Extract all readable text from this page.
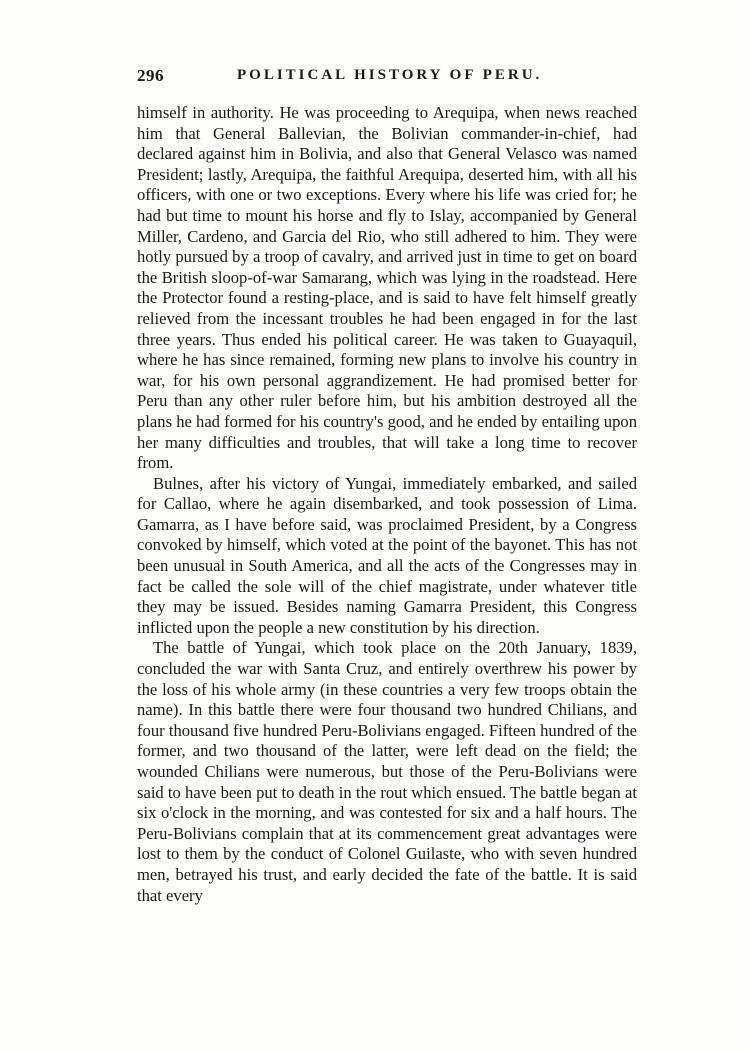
296	POLITICAL HISTORY OF PERU.

himself in authority. He was proceeding to Arequipa, when news reached him that General Ballevian, the Bolivian commander-in-chief, had declared against him in Bolivia, and also that General Velasco was named President; lastly, Arequipa, the faithful Arequipa, deserted him, with all his officers, with one or two exceptions. Every where his life was cried for; he had but time to mount his horse and fly to Islay, accompanied by General Miller, Cardeno, and Garcia del Rio, who still adhered to him. They were hotly pursued by a troop of cavalry, and arrived just in time to get on board the British sloop-of-war Samarang, which was lying in the roadstead. Here the Protector found a resting-place, and is said to have felt himself greatly relieved from the incessant troubles he had been engaged in for the last three years. Thus ended his political career. He was taken to Guayaquil, where he has since remained, forming new plans to involve his country in war, for his own personal aggrandizement. He had promised better for Peru than any other ruler before him, but his ambition destroyed all the plans he had formed for his country's good, and he ended by entailing upon her many difficulties and troubles, that will take a long time to recover from.

Bulnes, after his victory of Yungai, immediately embarked, and sailed for Callao, where he again disembarked, and took possession of Lima. Gamarra, as I have before said, was proclaimed President, by a Congress convoked by himself, which voted at the point of the bayonet. This has not been unusual in South America, and all the acts of the Congresses may in fact be called the sole will of the chief magistrate, under whatever title they may be issued. Besides naming Gamarra President, this Congress inflicted upon the people a new constitution by his direction.

The battle of Yungai, which took place on the 20th January, 1839, concluded the war with Santa Cruz, and entirely overthrew his power by the loss of his whole army (in these countries a very few troops obtain the name). In this battle there were four thousand two hundred Chilians, and four thousand five hundred Peru-Bolivians engaged. Fifteen hundred of the former, and two thousand of the latter, were left dead on the field; the wounded Chilians were numerous, but those of the Peru-Bolivians were said to have been put to death in the rout which ensued. The battle began at six o'clock in the morning, and was contested for six and a half hours. The Peru-Bolivians complain that at its commencement great advantages were lost to them by the conduct of Colonel Guilaste, who with seven hundred men, betrayed his trust, and early decided the fate of the battle. It is said that every
